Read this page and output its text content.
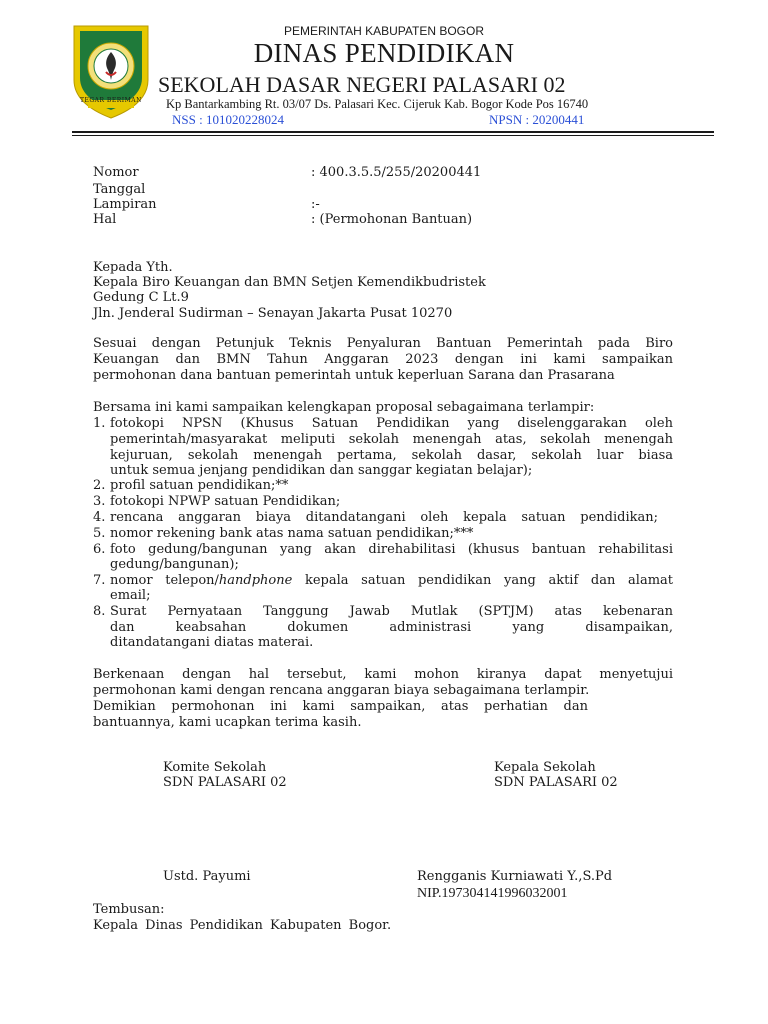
TEGAR BERIMAN
PEMERINTAH KABUPATEN BOGOR
DINAS PENDIDIKAN
SEKOLAH DASAR NEGERI PALASARI 02
Kp Bantarkambing Rt. 03/07 Ds. Palasari Kec. Cijeruk Kab. Bogor Kode Pos 16740
NSS : 101020228024	NPSN : 20200441
Nomor	: 400.3.5.5/255/20200441
Tanggal
Lampiran	:-
Hal	: (Permohonan Bantuan)
Kepada Yth.
Kepala Biro Keuangan dan BMN Setjen Kemendikbudristek
Gedung C Lt.9
Jln. Jenderal Sudirman – Senayan Jakarta Pusat 10270
Sesuai dengan Petunjuk Teknis Penyaluran Bantuan Pemerintah pada Biro
Keuangan dan BMN Tahun Anggaran 2023 dengan ini kami sampaikan
permohonan dana bantuan pemerintah untuk keperluan Sarana dan Prasarana
Bersama ini kami sampaikan kelengkapan proposal sebagaimana terlampir:
1. fotokopi NPSN (Khusus Satuan Pendidikan yang diselenggarakan oleh
pemerintah/masyarakat meliputi sekolah menengah atas, sekolah menengah
kejuruan, sekolah menengah pertama, sekolah dasar, sekolah luar biasa
untuk semua jenjang pendidikan dan sanggar kegiatan belajar);
2. profil satuan pendidikan;**
3. fotokopi NPWP satuan Pendidikan;
4. rencana anggaran biaya ditandatangani oleh kepala satuan pendidikan;
5. nomor rekening bank atas nama satuan pendidikan;***
6. foto gedung/bangunan yang akan direhabilitasi (khusus bantuan rehabilitasi
gedung/bangunan);
7. nomor telepon/handphone kepala satuan pendidikan yang aktif dan alamat
email;
8. Surat Pernyataan Tanggung Jawab Mutlak (SPTJM) atas kebenaran
dan keabsahan dokumen administrasi yang disampaikan,
ditandatangani diatas materai.
Berkenaan dengan hal tersebut, kami mohon kiranya dapat menyetujui
permohonan kami dengan rencana anggaran biaya sebagaimana terlampir.
Demikian permohonan ini kami sampaikan, atas perhatian dan
bantuannya, kami ucapkan terima kasih.
Komite Sekolah
SDN PALASARI 02
Kepala Sekolah
SDN PALASARI 02
Ustd. Payumi	Rengganis Kurniawati Y.,S.Pd
NIP.197304141996032001
Tembusan:
Kepala Dinas Pendidikan Kabupaten Bogor.
